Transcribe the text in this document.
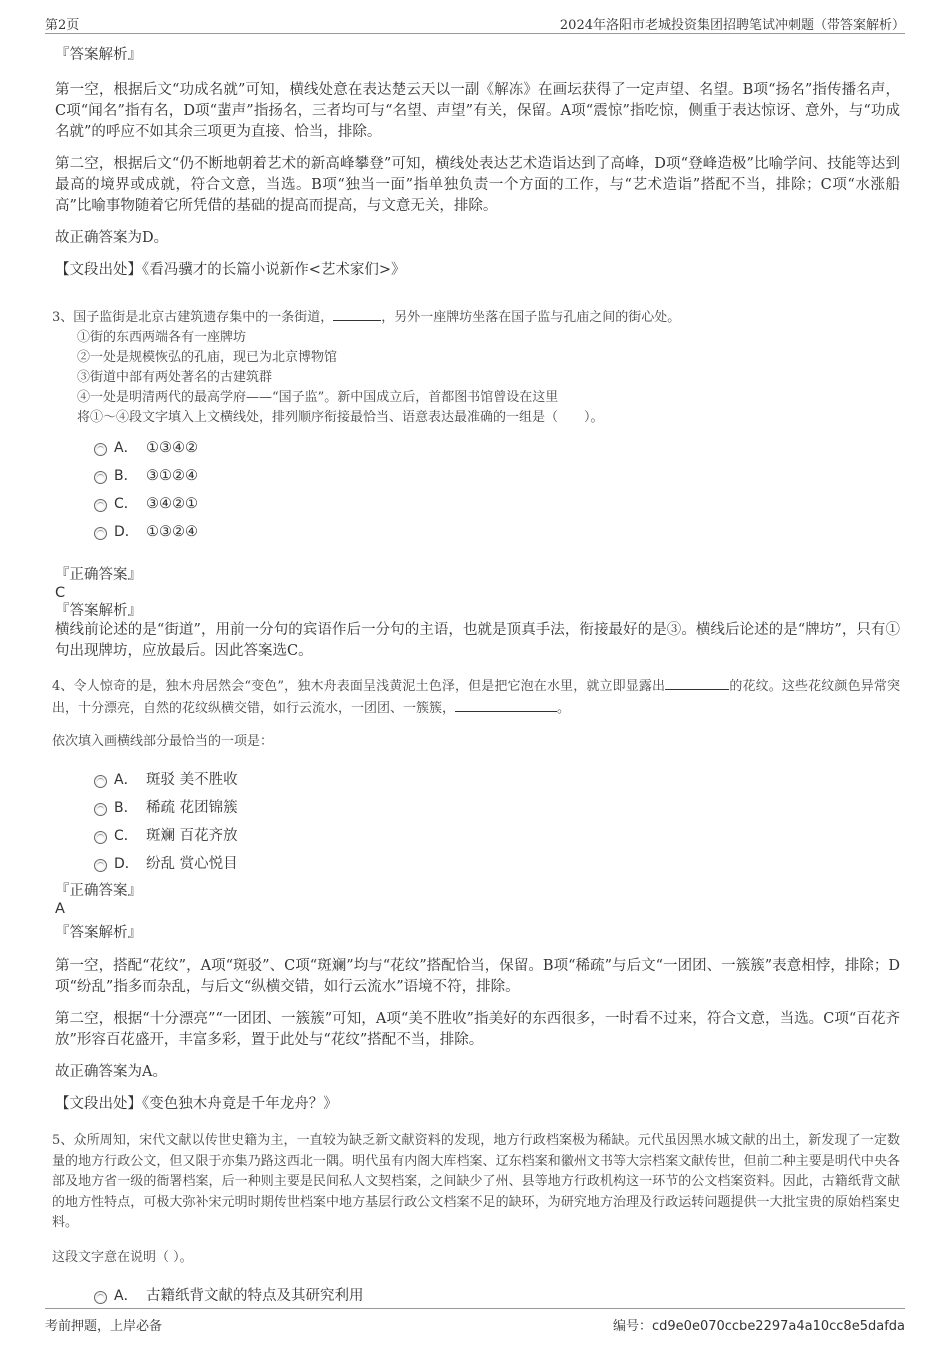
第2页	2024年洛阳市老城投资集团招聘笔试冲刺题（带答案解析）
『答案解析』

第一空，根据后文“功成名就”可知，横线处意在表达楚云天以一副《解冻》在画坛获得了一定声望、名望。B项“扬名”指传播名声，C项“闻名”指有名，D项“蜚声”指扬名，三者均可与“名望、声望”有关，保留。A项“震惊”指吃惊，侧重于表达惊讶、意外，与“功成名就”的呼应不如其余三项更为直接、恰当，排除。

第二空，根据后文“仍不断地朝着艺术的新高峰攀登”可知，横线处表达艺术造诣达到了高峰，D项“登峰造极”比喻学问、技能等达到最高的境界或成就，符合文意，当选。B项“独当一面”指单独负责一个方面的工作，与“艺术造诣”搭配不当，排除；C项“水涨船高”比喻事物随着它所凭借的基础的提高而提高，与文意无关，排除。

故正确答案为D。

【文段出处】《看冯骥才的长篇小说新作<艺术家们>》

3、国子监街是北京古建筑遗存集中的一条街道，	，另外一座牌坊坐落在国子监与孔庙之间的街心处。
①街的东西两端各有一座牌坊
②一处是规模恢弘的孔庙，现已为北京博物馆
③街道中部有两处著名的古建筑群
④一处是明清两代的最高学府——“国子监”。新中国成立后，首都图书馆曾设在这里
将①～④段文字填入上文横线处，排列顺序衔接最恰当、语意表达最准确的一组是（　　）。
A． ①③④②
B． ③①②④
C． ③④②①
D． ①③②④
『正确答案』
C
『答案解析』

横线前论述的是“街道”，用前一分句的宾语作后一分句的主语，也就是顶真手法，衔接最好的是③。横线后论述的是“牌坊”，只有①句出现牌坊，应放最后。因此答案选C。

4、令人惊奇的是，独木舟居然会“变色”，独木舟表面呈浅黄泥土色泽，但是把它泡在水里，就立即显露出	的花纹。这些花纹颜色异常突出，十分漂亮，自然的花纹纵横交错，如行云流水，一团团、一簇簇，	。

依次填入画横线部分最恰当的一项是：
A． 斑驳 美不胜收
B． 稀疏 花团锦簇
C． 斑斓 百花齐放
D． 纷乱 赏心悦目
『正确答案』
A
『答案解析』

第一空，搭配“花纹”，A项“斑驳”、C项“斑斓”均与“花纹”搭配恰当，保留。B项“稀疏”与后文“一团团、一簇簇”表意相悖，排除；D项“纷乱”指多而杂乱，与后文“纵横交错，如行云流水”语境不符，排除。

第二空，根据“十分漂亮”“一团团、一簇簇”可知，A项“美不胜收”指美好的东西很多，一时看不过来，符合文意，当选。C项“百花齐放”形容百花盛开，丰富多彩，置于此处与“花纹”搭配不当，排除。

故正确答案为A。

【文段出处】《变色独木舟竟是千年龙舟？》

5、众所周知，宋代文献以传世史籍为主，一直较为缺乏新文献资料的发现，地方行政档案极为稀缺。元代虽因黑水城文献的出土，新发现了一定数量的地方行政公文，但又限于亦集乃路这西北一隅。明代虽有内阁大库档案、辽东档案和徽州文书等大宗档案文献传世，但前二种主要是明代中央各部及地方省一级的衙署档案，后一种则主要是民间私人文契档案，之间缺少了州、县等地方行政机构这一环节的公文档案资料。因此，古籍纸背文献的地方性特点，可极大弥补宋元明时期传世档案中地方基层行政公文档案不足的缺环，为研究地方治理及行政运转问题提供一大批宝贵的原始档案史料。

这段文字意在说明（ ）。
A． 古籍纸背文献的特点及其研究利用
考前押题，上岸必备	编号：cd9e0e070ccbe2297a4a10cc8e5dafda
